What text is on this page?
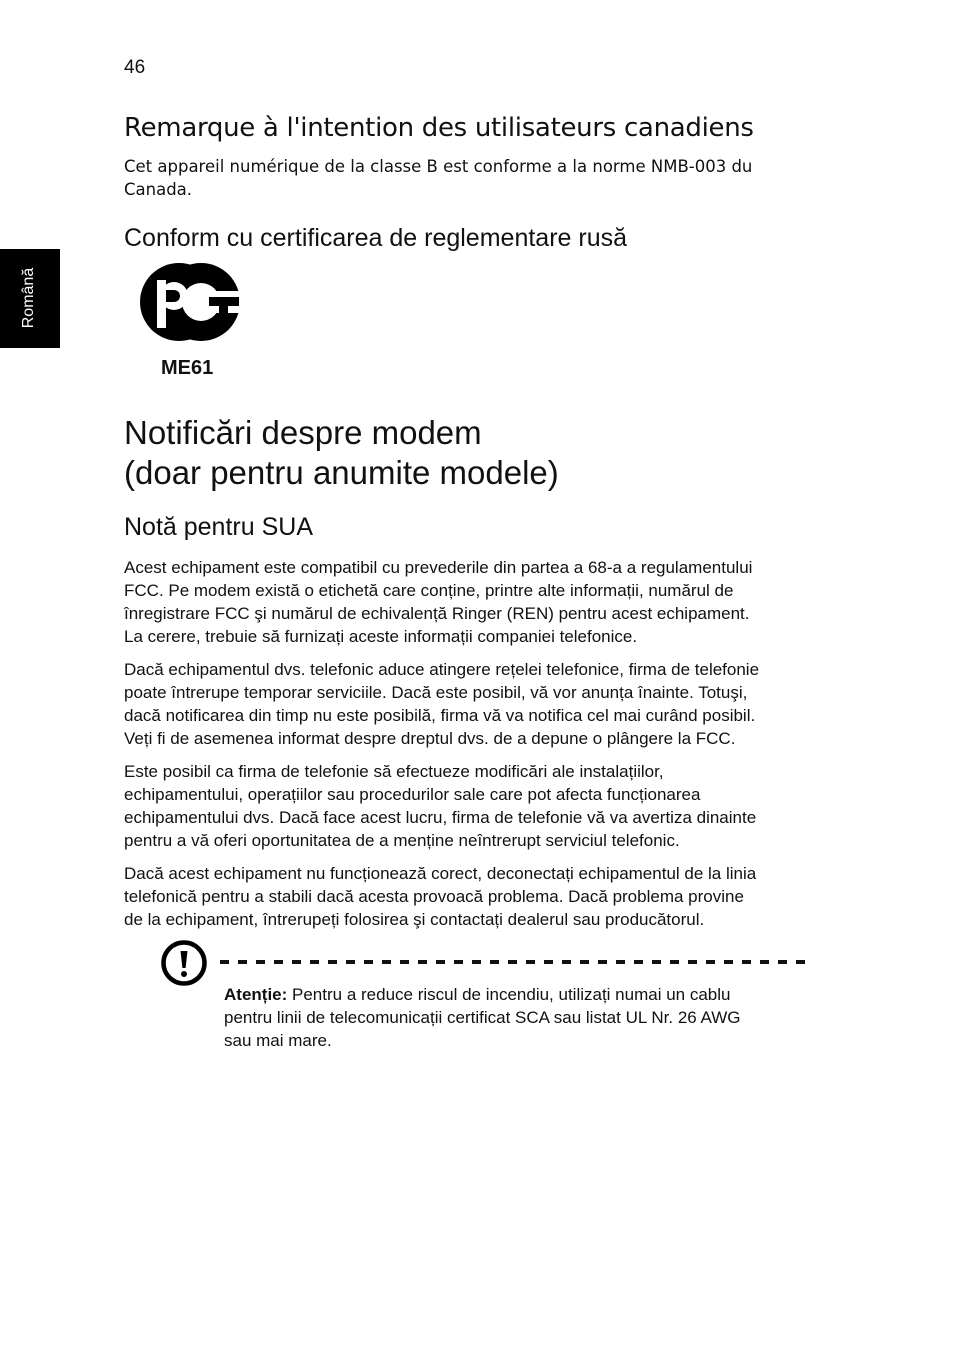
46
Română
Remarque à l'intention des utilisateurs canadiens

Cet appareil numérique de la classe B est conforme a la norme NMB-003 du Canada.

Conform cu certificarea de reglementare rusă
ME61
Notificări despre modem
(doar pentru anumite modele)
Notă pentru SUA

Acest echipament este compatibil cu prevederile din partea a 68-a a regulamentului
FCC. Pe modem există o etichetă care conține, printre alte informații, numărul de
înregistrare FCC şi numărul de echivalență Ringer (REN) pentru acest echipament.
La cerere, trebuie să furnizați aceste informații companiei telefonice.

Dacă echipamentul dvs. telefonic aduce atingere rețelei telefonice, firma de telefonie
poate întrerupe temporar serviciile. Dacă este posibil, vă vor anunța înainte. Totuşi,
dacă notificarea din timp nu este posibilă, firma vă va notifica cel mai curând posibil.
Veți fi de asemenea informat despre dreptul dvs. de a depune o plângere la FCC.

Este posibil ca firma de telefonie să efectueze modificări ale instalațiilor,
echipamentului, operațiilor sau procedurilor sale care pot afecta funcționarea
echipamentului dvs. Dacă face acest lucru, firma de telefonie vă va avertiza dinainte
pentru a vă oferi oportunitatea de a menține neîntrerupt serviciul telefonic.

Dacă acest echipament nu funcționează corect, deconectați echipamentul de la linia
telefonică pentru a stabili dacă acesta provoacă problema. Dacă problema provine
de la echipament, întrerupeți folosirea şi contactați dealerul sau producătorul.

Atenție: Pentru a reduce riscul de incendiu, utilizați numai un cablu
pentru linii de telecomunicații certificat SCA sau listat UL Nr. 26 AWG
sau mai mare.
